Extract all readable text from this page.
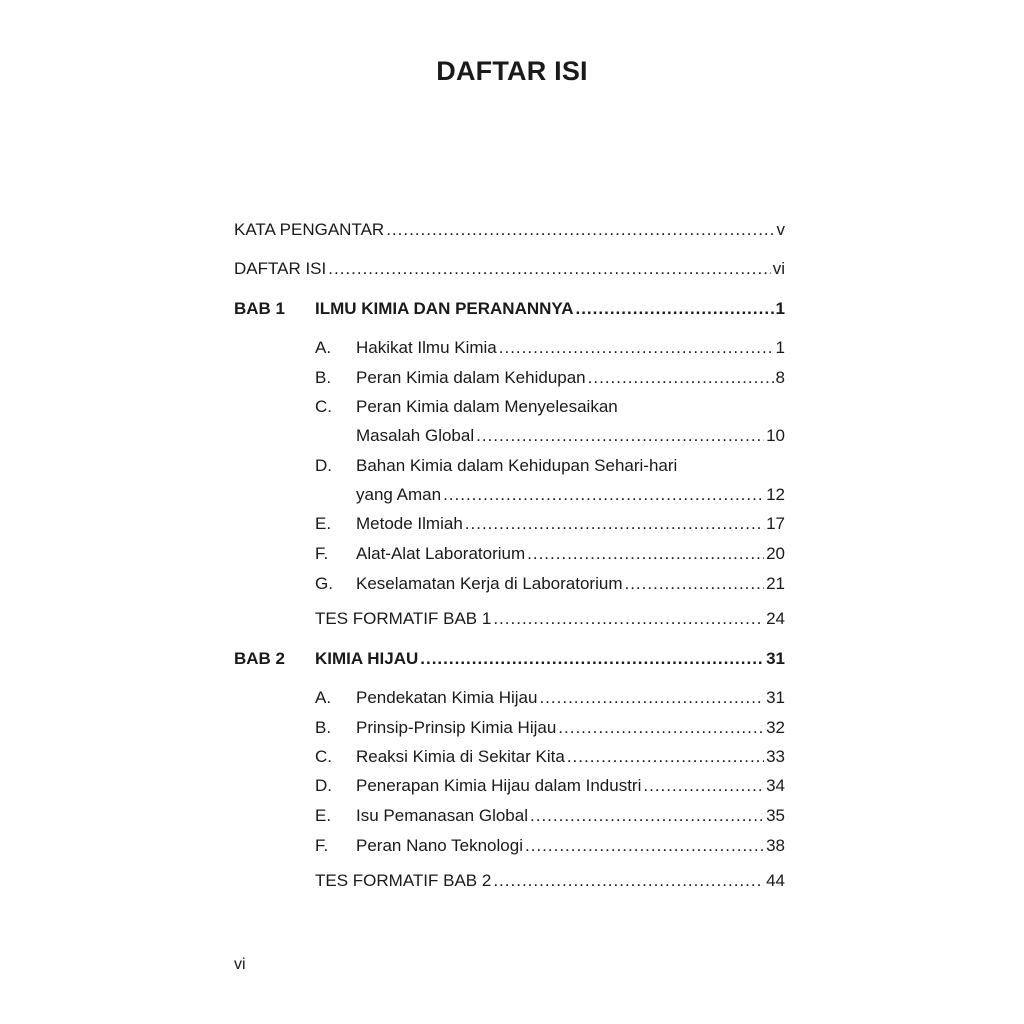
DAFTAR ISI
KATA PENGANTAR .....	v
DAFTAR ISI .....	vi
BAB 1 ILMU KIMIA DAN PERANANNYA .....	1
A. Hakikat Ilmu Kimia .....	1
B. Peran Kimia dalam Kehidupan .....	8
C. Peran Kimia dalam Menyelesaikan
Masalah Global .....	10
D. Bahan Kimia dalam Kehidupan Sehari-hari
yang Aman .....	12
E. Metode Ilmiah .....	17
F. Alat-Alat Laboratorium .....	20
G. Keselamatan Kerja di Laboratorium .....	21
TES FORMATIF BAB 1 .....	24
BAB 2 KIMIA HIJAU .....	31
A. Pendekatan Kimia Hijau .....	31
B. Prinsip-Prinsip Kimia Hijau .....	32
C. Reaksi Kimia di Sekitar Kita .....	33
D. Penerapan Kimia Hijau dalam Industri .....	34
E. Isu Pemanasan Global .....	35
F. Peran Nano Teknologi .....	38
TES FORMATIF BAB 2 .....	44
vi
